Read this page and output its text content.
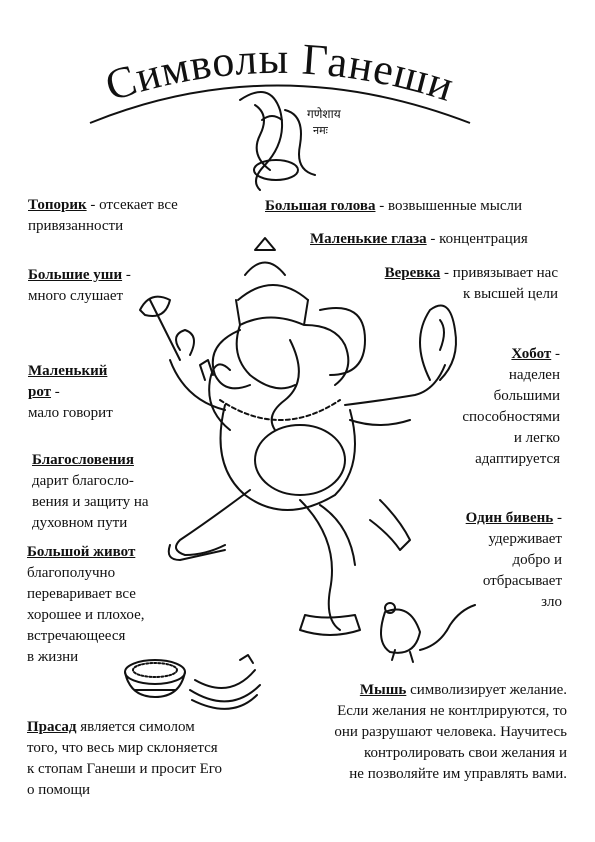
Символы Ганеши
गणेशाय
नमः
Топорик - отсекает все
привязанности
Большая голова - возвышенные мысли
Маленькие глаза - концентрация
Большие уши -
много слушает
Веревка - привязывает нас
к высшей цели
Маленький
рот -
мало говорит
Хобот -
наделен
большими
способностями
и легко
адаптируется
Благословения
дарит благосло-
вения и защиту на
духовном пути	Один бивень -
удерживает
добро и
отбрасывает
зло
Большой живот
благополучно
переваривает все
хорошее и плохое,
встречающееся
в жизни
Мышь символизирует желание.
Если желания не контлрируются, то
они разрушают человека. Научитесь
контролировать свои желания и
не позволяйте им управлять вами.
Прасад является симолом
того, что весь мир склоняется
к стопам Ганеши и просит Его
о помощи
